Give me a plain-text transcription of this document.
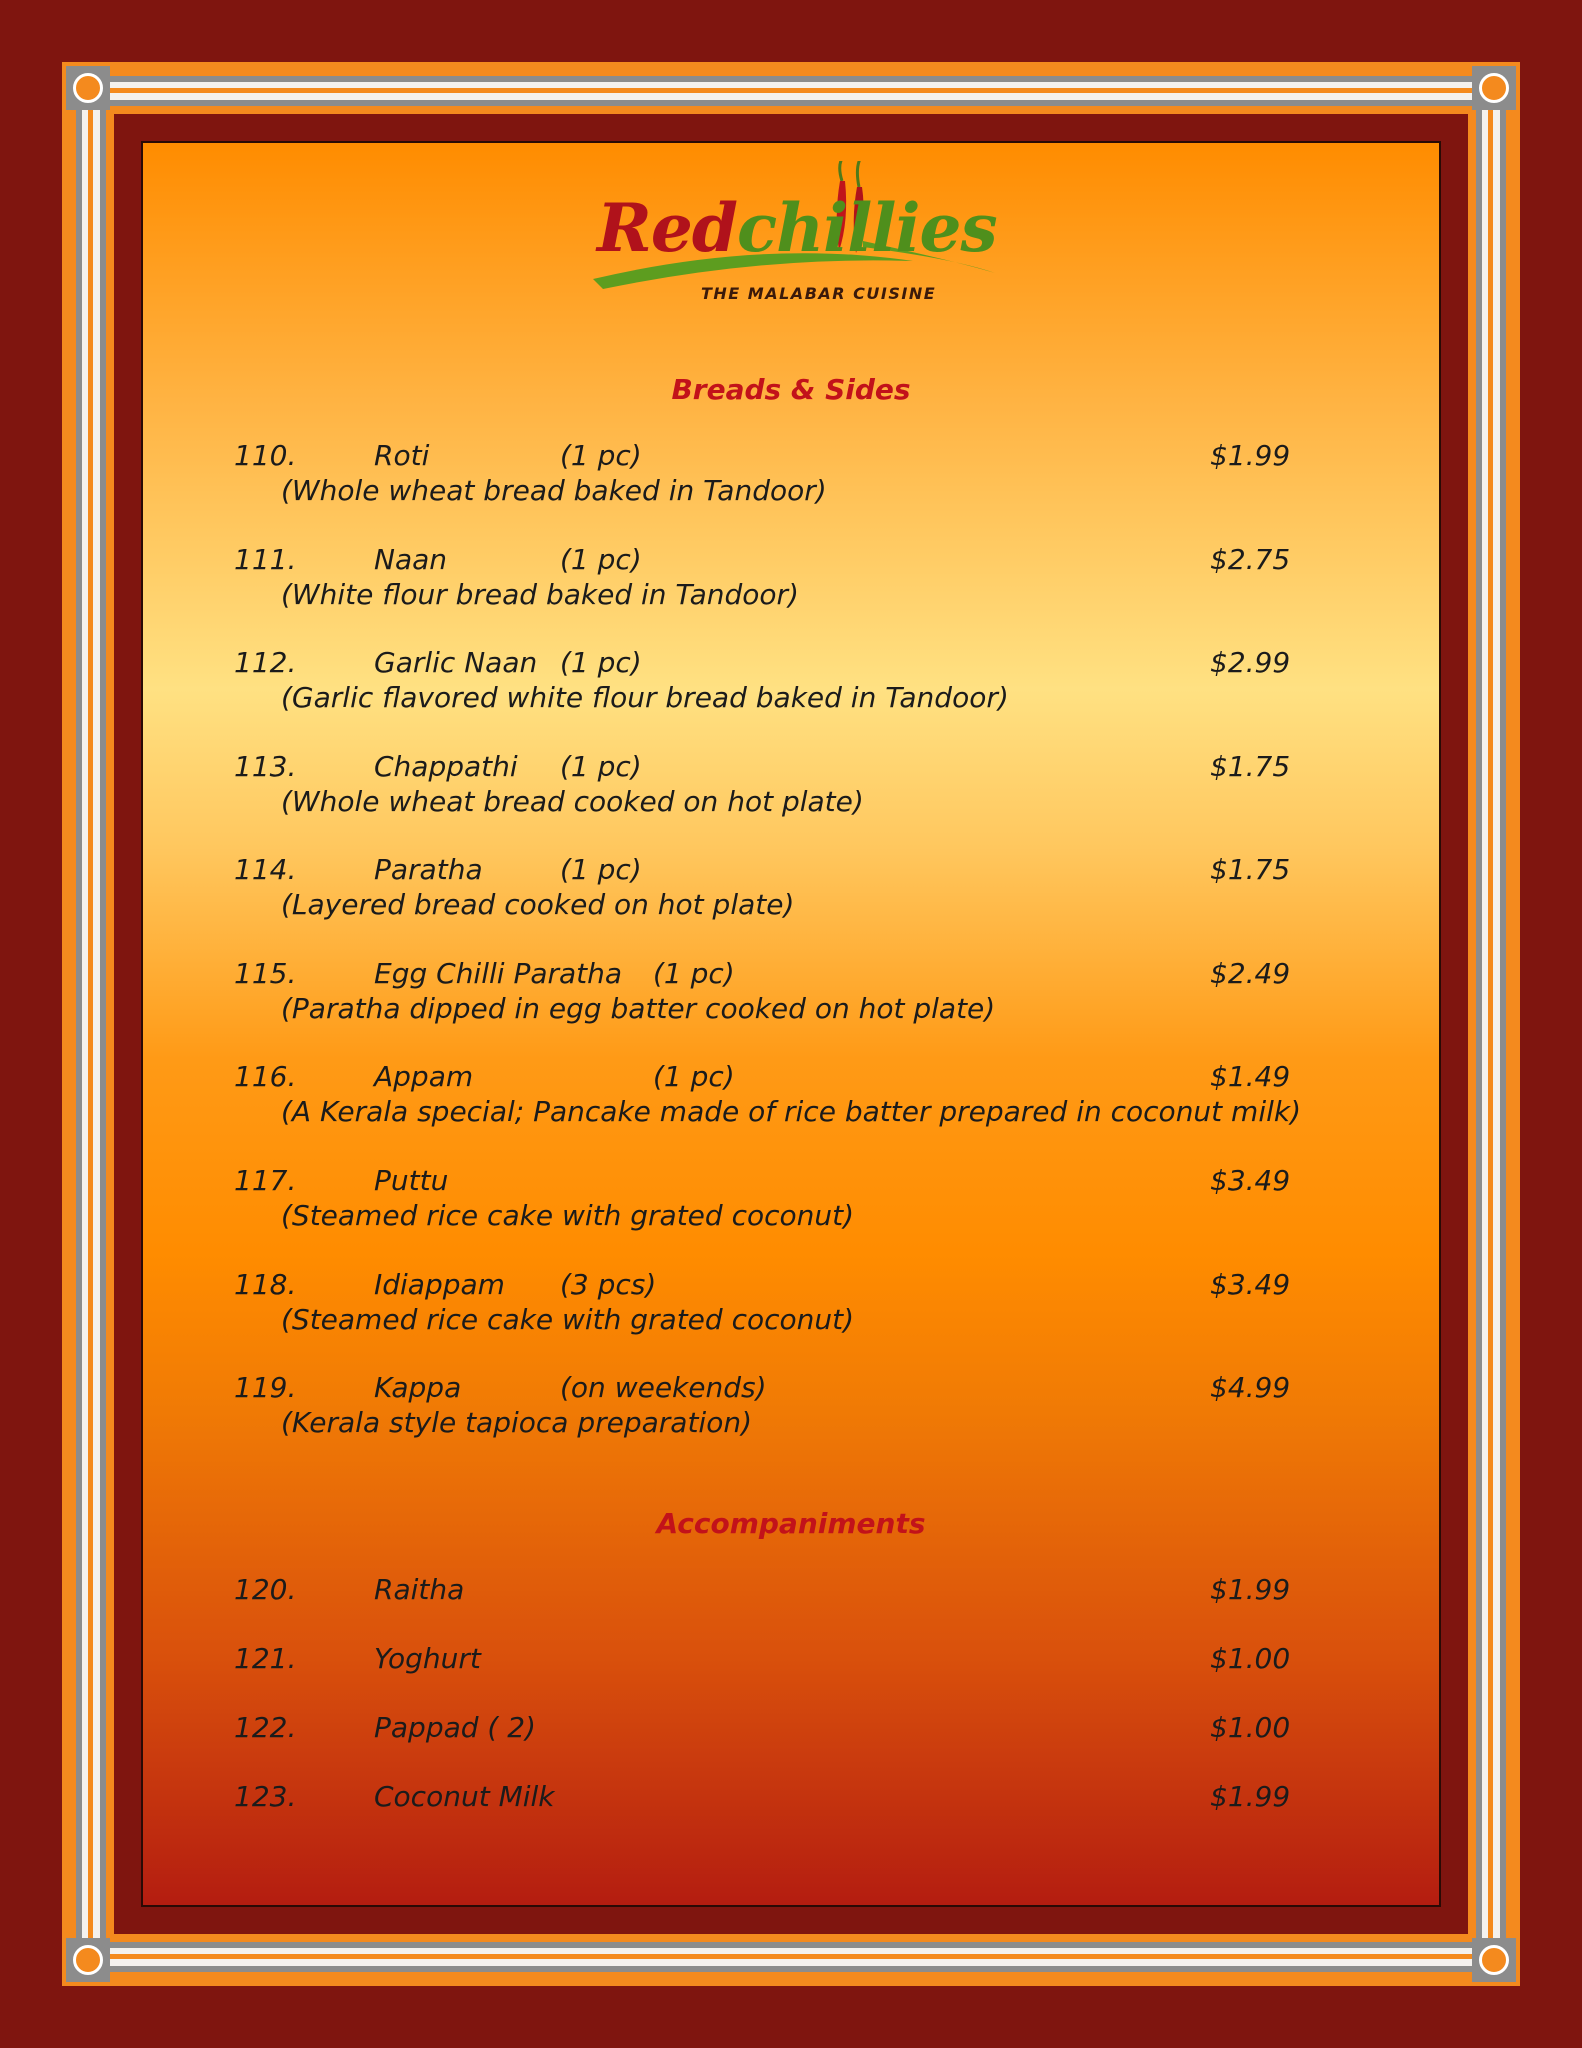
Redchillies
THE MALABAR CUISINE
Breads & Sides
110.	Roti	(1 pc)	$1.99
(Whole wheat bread baked in Tandoor)
111.	Naan	(1 pc)	$2.75
(White flour bread baked in Tandoor)
112.	Garlic Naan (1 pc)	$2.99
(Garlic flavored white flour bread baked in Tandoor)
113.	Chappathi (1 pc)	$1.75
(Whole wheat bread cooked on hot plate)
114.	Paratha	(1 pc)	$1.75
(Layered bread cooked on hot plate)
115.	Egg Chilli Paratha (1 pc)	$2.49
(Paratha dipped in egg batter cooked on hot plate)
116.	Appam	(1 pc)	$1.49
(A Kerala special; Pancake made of rice batter prepared in coconut milk)
117.	Puttu	$3.49
(Steamed rice cake with grated coconut)
118.	Idiappam (3 pcs)	$3.49
(Steamed rice cake with grated coconut)
119.	Kappa	(on weekends)	$4.99
(Kerala style tapioca preparation)
Accompaniments
120.	Raitha	$1.99
121.	Yoghurt	$1.00
122.	Pappad ( 2)	$1.00
123.	Coconut Milk	$1.99
